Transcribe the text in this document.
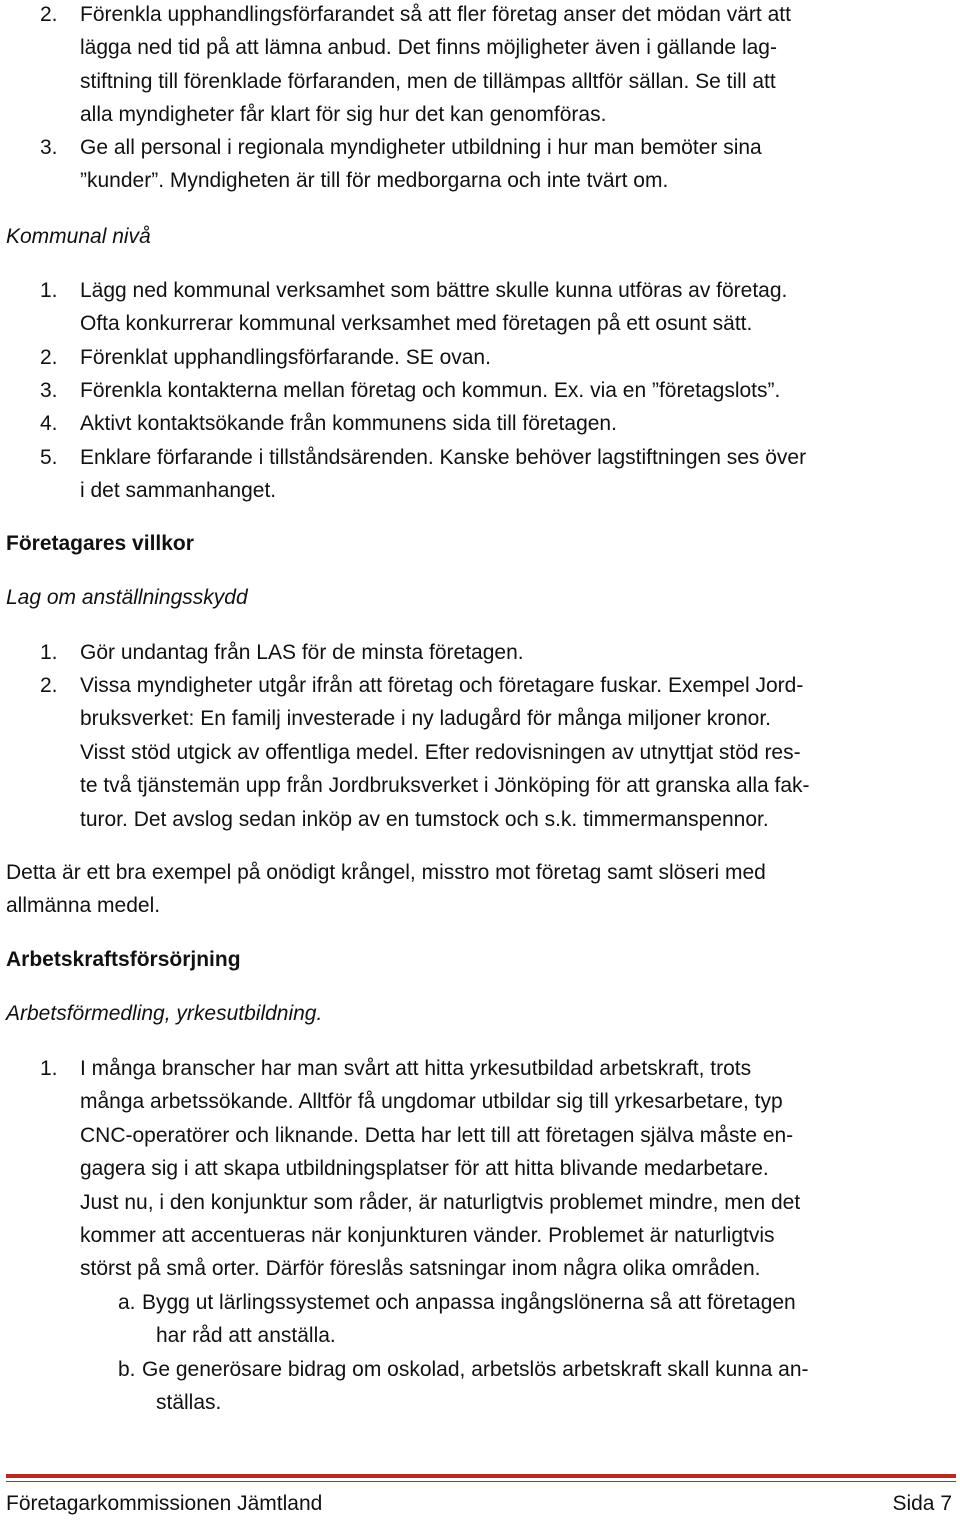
2. Förenkla upphandlingsförfarandet så att fler företag anser det mödan värt att
lägga ned tid på att lämna anbud. Det finns möjligheter även i gällande lag-
stiftning till förenklade förfaranden, men de tillämpas alltför sällan. Se till att
alla myndigheter får klart för sig hur det kan genomföras.
3. Ge all personal i regionala myndigheter utbildning i hur man bemöter sina
”kunder”. Myndigheten är till för medborgarna och inte tvärt om.
Kommunal nivå
1. Lägg ned kommunal verksamhet som bättre skulle kunna utföras av företag.
Ofta konkurrerar kommunal verksamhet med företagen på ett osunt sätt.
2. Förenklat upphandlingsförfarande. SE ovan.
3. Förenkla kontakterna mellan företag och kommun. Ex. via en ”företagslots”.
4. Aktivt kontaktsökande från kommunens sida till företagen.
5. Enklare förfarande i tillståndsärenden. Kanske behöver lagstiftningen ses över
i det sammanhanget.
Företagares villkor
Lag om anställningsskydd
1. Gör undantag från LAS för de minsta företagen.
2. Vissa myndigheter utgår ifrån att företag och företagare fuskar. Exempel Jord-
bruksverket: En familj investerade i ny ladugård för många miljoner kronor.
Visst stöd utgick av offentliga medel. Efter redovisningen av utnyttjat stöd res-
te två tjänstemän upp från Jordbruksverket i Jönköping för att granska alla fak-
turor. Det avslog sedan inköp av en tumstock och s.k. timmermanspennor.
Detta är ett bra exempel på onödigt krångel, misstro mot företag samt slöseri med
allmänna medel.
Arbetskraftsförsörjning
Arbetsförmedling, yrkesutbildning.
1. I många branscher har man svårt att hitta yrkesutbildad arbetskraft, trots
många arbetssökande. Alltför få ungdomar utbildar sig till yrkesarbetare, typ
CNC-operatörer och liknande. Detta har lett till att företagen själva måste en-
gagera sig i att skapa utbildningsplatser för att hitta blivande medarbetare.
Just nu, i den konjunktur som råder, är naturligtvis problemet mindre, men det
kommer att accentueras när konjunkturen vänder. Problemet är naturligtvis
störst på små orter. Därför föreslås satsningar inom några olika områden.
a. Bygg ut lärlingssystemet och anpassa ingångslönerna så att företagen
har råd att anställa.
b. Ge generösare bidrag om oskolad, arbetslös arbetskraft skall kunna an-
ställas.
Företagarkommissionen Jämtland	Sida 7
